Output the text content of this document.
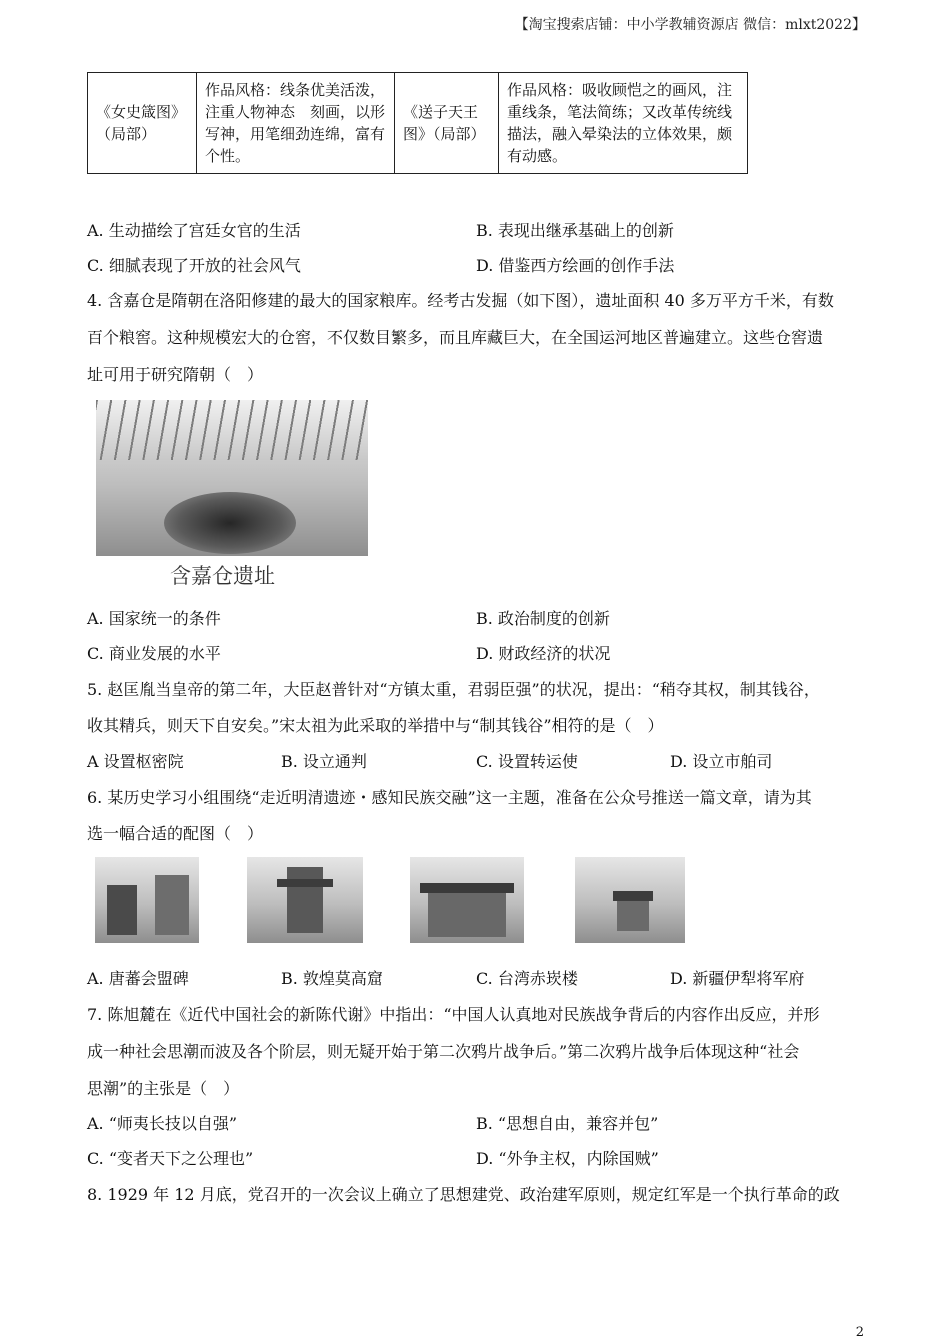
【淘宝搜索店铺：中小学教辅资源店 微信：mlxt2022】
《女史箴图》（局部）	作品风格：线条优美活泼，注重人物神态　刻画，以形写神，用笔细劲连绵，富有个性。	《送子天王图》（局部）	作品风格：吸收顾恺之的画风，注重线条，笔法简练；又改革传统线描法，融入晕染法的立体效果，颇有动感。
A. 生动描绘了宫廷女官的生活	B. 表现出继承基础上的创新
C. 细腻表现了开放的社会风气	D. 借鉴西方绘画的创作手法
4. 含嘉仓是隋朝在洛阳修建的最大的国家粮库。经考古发掘（如下图），遗址面积 40 多万平方千米，有数
百个粮窖。这种规模宏大的仓窖，不仅数目繁多，而且库藏巨大，在全国运河地区普遍建立。这些仓窖遗
址可用于研究隋朝（　）
含嘉仓遗址
A. 国家统一的条件	B. 政治制度的创新
C. 商业发展的水平	D. 财政经济的状况
5. 赵匡胤当皇帝的第二年，大臣赵普针对“方镇太重，君弱臣强”的状况，提出：“稍夺其权，制其钱谷，
收其精兵，则天下自安矣。”宋太祖为此采取的举措中与“制其钱谷”相符的是（　）
A 设置枢密院	B. 设立通判	C. 设置转运使	D. 设立市舶司
6. 某历史学习小组围绕“走近明清遗迹・感知民族交融”这一主题，准备在公众号推送一篇文章，请为其
选一幅合适的配图（　）
A. 唐蕃会盟碑	B. 敦煌莫高窟	C. 台湾赤崁楼	D. 新疆伊犁将军府
7. 陈旭麓在《近代中国社会的新陈代谢》中指出：“中国人认真地对民族战争背后的内容作出反应，并形
成一种社会思潮而波及各个阶层，则无疑开始于第二次鸦片战争后。”第二次鸦片战争后体现这种“社会
思潮”的主张是（　）
A. “师夷长技以自强”	B. “思想自由，兼容并包”
C. “变者天下之公理也”	D. “外争主权，内除国贼”
8. 1929 年 12 月底，党召开的一次会议上确立了思想建党、政治建军原则，规定红军是一个执行革命的政
2
